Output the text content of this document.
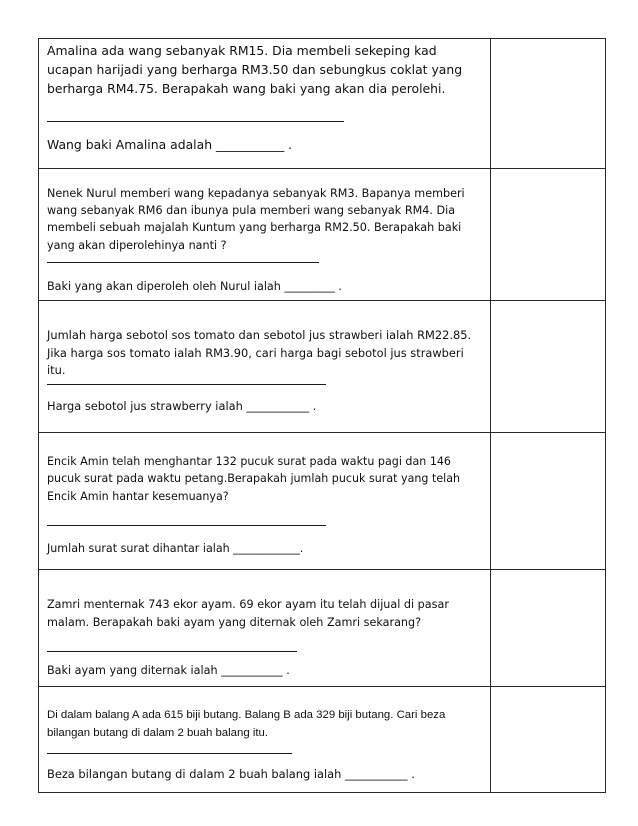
Amalina ada wang sebanyak RM15. Dia membeli sekeping kad ucapan harijadi yang berharga RM3.50 dan sebungkus coklat yang berharga RM4.75. Berapakah wang baki yang akan dia perolehi.

Wang baki Amalina adalah ___________ .

Nenek Nurul memberi wang kepadanya sebanyak RM3. Bapanya memberi wang sebanyak RM6 dan ibunya pula memberi wang sebanyak RM4. Dia membeli sebuah majalah Kuntum yang berharga RM2.50. Berapakah baki yang akan diperolehinya nanti ?

Baki yang akan diperoleh oleh Nurul ialah _________ .

Jumlah harga sebotol sos tomato dan sebotol jus strawberi ialah RM22.85. Jika harga sos tomato ialah RM3.90, cari harga bagi sebotol jus strawberi itu.

Harga sebotol jus strawberry ialah ___________ .

Encik Amin telah menghantar 132 pucuk surat pada waktu pagi dan 146 pucuk surat pada waktu petang.Berapakah jumlah pucuk surat yang telah Encik Amin hantar kesemuanya?

Jumlah surat surat dihantar ialah ____________.

Zamri menternak 743 ekor ayam. 69 ekor ayam itu telah dijual di pasar malam. Berapakah baki ayam yang diternak oleh Zamri sekarang?

Baki ayam yang diternak ialah ___________ .

Di dalam balang A ada 615 biji butang. Balang B ada 329 biji butang. Cari beza bilangan butang di dalam 2 buah balang itu.

Beza bilangan butang di dalam 2 buah balang ialah ___________ .
